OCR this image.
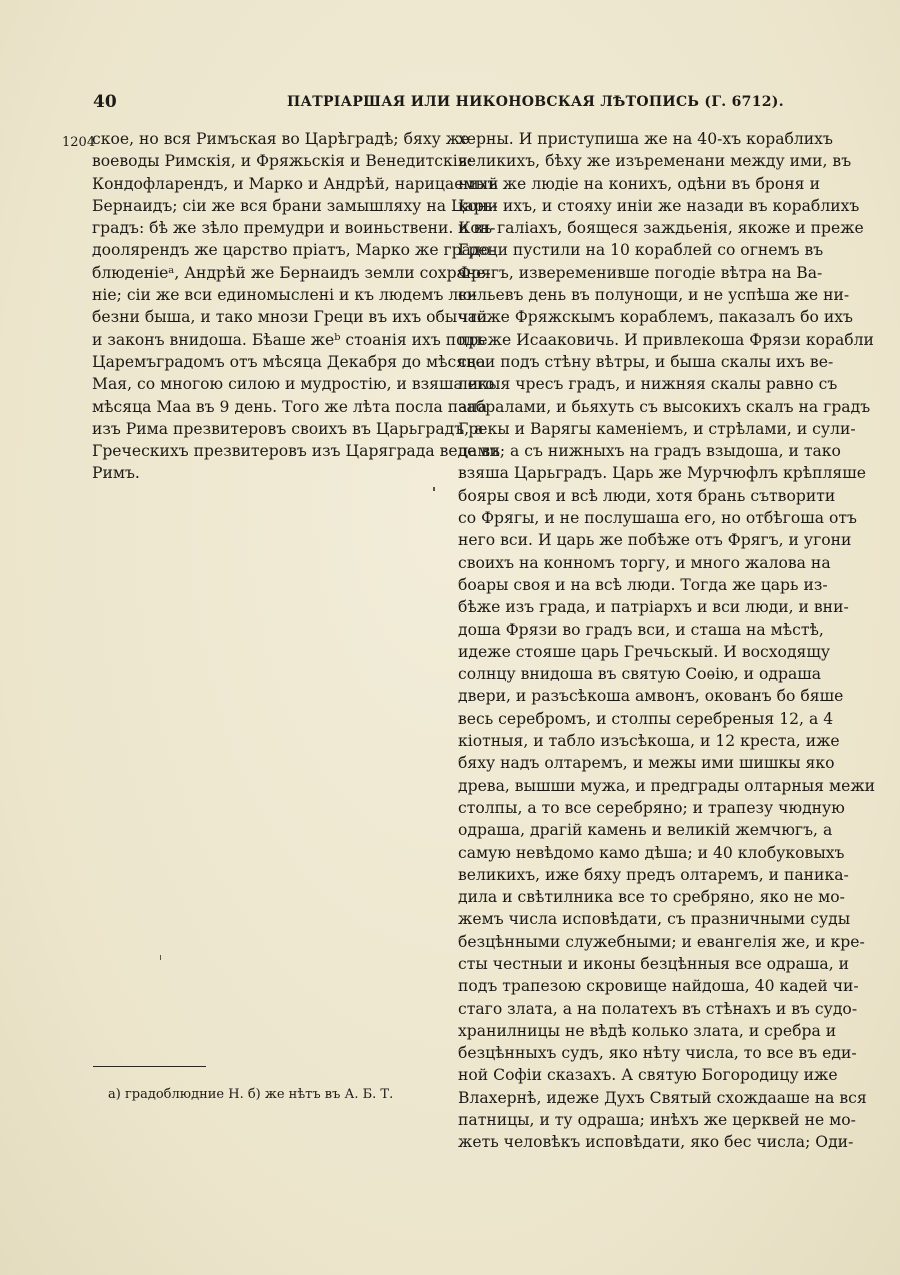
40	ПАТРІАРШАЯ ИЛИ НИКОНОВСКАЯ ЛѢТОПИСЬ (Г. 6712).
1204
ское, но вся Римъская во Царѣградѣ; бяху же
воеводы Римскія, и Фряжьскія и Венедитскія:
Кондофларендъ, и Марко и Андрѣй, нарицаемый
Бернаидъ; сіи же вся брани замышляху на Царь-
градъ: бѣ же зѣло премудри и воиньствени. Кон-
доолярендъ же царство пріатъ, Марко же градо-
блюденіеᵃ, Андрѣй же Бернаидъ земли сохране-
ніе; сіи же вси единомыслені и къ людемъ лю-
безни быша, и тако мнози Греци въ ихъ обычай
и законъ внидоша. Бѣаше жеᵇ стоанія ихъ подъ
Царемъградомъ отъ мѣсяца Декабря до мѣсяца
Мая, со многою силою и мудростію, и взяша его
мѣсяца Маа въ 9 день. Того же лѣта посла папа
изъ Рима презвитеровъ своихъ въ Царьградъ, а
Греческихъ презвитеровъ изъ Царяграда веде въ
Римъ.
херны. И приступиша же на 40-хъ кораблихъ
великихъ, бѣху же изъременани между ими, въ
нихъ же людіе на конихъ, одѣни въ броня и
кони ихъ, и стояху иніи же назади въ кораблихъ
и въ галіахъ, боящеся заждьенія, якоже и преже
Греци пустили на 10 кораблей со огнемъ въ
Фрягъ, извеременивше погодіе вѣтра на Ва-
сильевъ день въ полунощи, и не успѣша же ни-
чтоже Фряжскымъ кораблемъ, паказалъ бо ихъ
преже Исааковичь. И привлекоша Фрязи корабли
свои подъ стѣну вѣтры, и быша скалы ихъ ве-
ликыя чресъ градъ, и нижняя скалы равно съ
забралами, и бьяхуть съ высокихъ скалъ на градъ
Грекы и Варягы каменіемъ, и стрѣлами, и сули-
цами; а съ нижныхъ на градъ взыдоша, и тако
взяша Царьградъ. Царь же Мурчюфлъ крѣпляше
бояры своя и всѣ люди, хотя брань сътворити
со Фрягы, и не послушаша его, но отбѣгоша отъ
него вси. И царь же побѣже отъ Фрягъ, и угони
своихъ на конномъ торгу, и много жалова на
боары своя и на всѣ люди. Тогда же царь из-
бѣже изъ града, и патріархъ и вси люди, и вни-
доша Фрязи во градъ вси, и сташа на мѣстѣ,
идеже стояше царь Гречьскый. И восходящу
солнцу внидоша въ святую Соѳію, и одраша
двери, и разъсѣкоша амвонъ, окованъ бо бяше
весь серебромъ, и столпы серебреныя 12, а 4
кіотныя, и табло изъсѣкоша, и 12 креста, иже
бяху надъ олтаремъ, и межы ими шишкы яко
древа, вышши мужа, и предграды олтарныя межи
столпы, а то все серебряно; и трапезу чюдную
одраша, драгій камень и великій жемчюгъ, а
самую невѣдомо камо дѣша; и 40 клобуковыхъ
великихъ, иже бяху предъ олтаремъ, и паника-
дила и свѣтилника все то сребряно, яко не мо-
жемъ числа исповѣдати, съ празничными суды
безцѣнными служебными; и евангелія же, и кре-
сты честныи и иконы безцѣнныя все одраша, и
подъ трапезою скровище найдоша, 40 кадей чи-
стаго злата, а на полатехъ въ стѣнахъ и въ судо-
хранилницы не вѣдѣ колько злата, и сребра и
безцѣнныхъ судъ, яко нѣту числа, то все въ еди-
ной Софіи сказахъ. А святую Богородицу иже
Влахернѣ, идеже Духъ Святый схождааше на вся
патницы, и ту одраша; инѣхъ же церквей не мо-
жеть человѣкъ исповѣдати, яко бес числа; Оди-
а) градоблюдние Н. б) же нѣтъ въ А. Б. Т.
